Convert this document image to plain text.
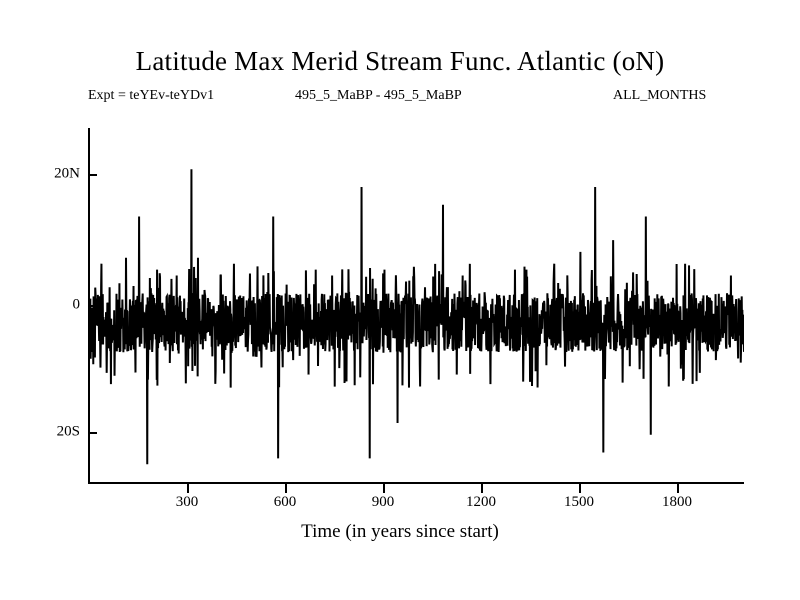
Latitude Max Merid Stream Func. Atlantic (oN)
Expt = teYEv-teYDv1	495_5_MaBP - 495_5_MaBP	ALL_MONTHS
20N
0
20S
300	600	900	1200	1500	1800
Time (in years since start)
